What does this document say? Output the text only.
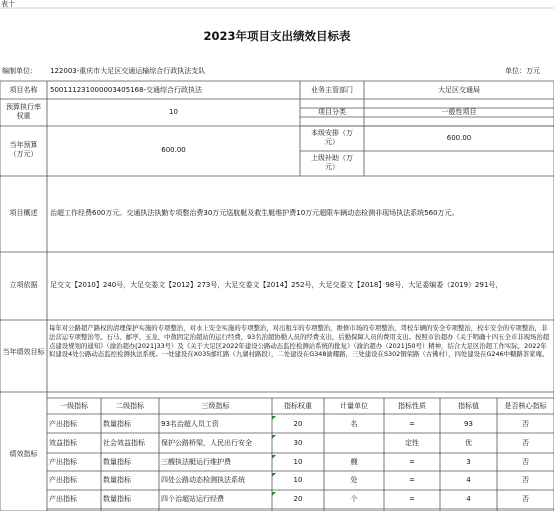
表十
2023年项目支出绩效目标表
编制单位:	122003-重庆市大足区交通运输综合行政执法支队	单位：万元
项目名称	500111231000003405168-交通综合行政执法	业务主管部门	大足区交通局
预算执行率
权重	10	项目分类	一般性项目
当年预算
（万元）	600.00
本级安排（万
元）	600.00
上级补助（万
元）
项目概述	治超工作经费600万元。交通执法执勤专项整治费30万元巡航艇及救生艇维护费10万元超限车辆动态检测非现场执法系统560万元。
立项依据	足交文【2010】240号，大足交委文【2012】273号，大足交委文【2014】252号，大足交委文【2018】98号，大足委编委（2019）291号，
当年绩效目标
每年对公路超产路权的清理保护实施的专项整治，对水上安全实施的专项整治，对出租车的专项整治，维修市场的专项整治，驾校车辆的安全专项整治，校车安全的专项整治，非法营运专项整治等。石马、邮亭、玉龙、中敖固定治超站的运行经费，93名治超协勤人员的经费支出，后勤保障人员的费用支出。按照市治超办《关于明确十四五全市非现场治超点建设规划的通知》（渝治超办[2021]33号）及《关于大足区2022年建设公路动态监控检测站系统的批复》（渝治超办（2021]50号）精神，结合大足区治超工作实际，2022年拟建设4处公路动态监控检测执法系统。一处建设在X035邮红路（九湖村路段），二处建设在G348渝耀路，三处建设在S302铜荣路（古佛村），四处建设在G246中糖路茶家庵。
绩效指标
一级指标	二级指标	三级指标	指标权重	计量单位	指标性质	指标值	是否核心指标
产出指标	数量指标	93名治超人员工资	20	名	=	93	否
效益指标	社会效益指标	保护公路桥梁，人民出行安全	30	定性	优	否
产出指标	数量指标	三艘执法艇运行维护费	10	艘	=	3	否
产出指标	数量指标	四处公路动态检测执法系统	10	处	=	4	否
产出指标	数量指标	四个治超站运行经费	20	个	=	4	否
